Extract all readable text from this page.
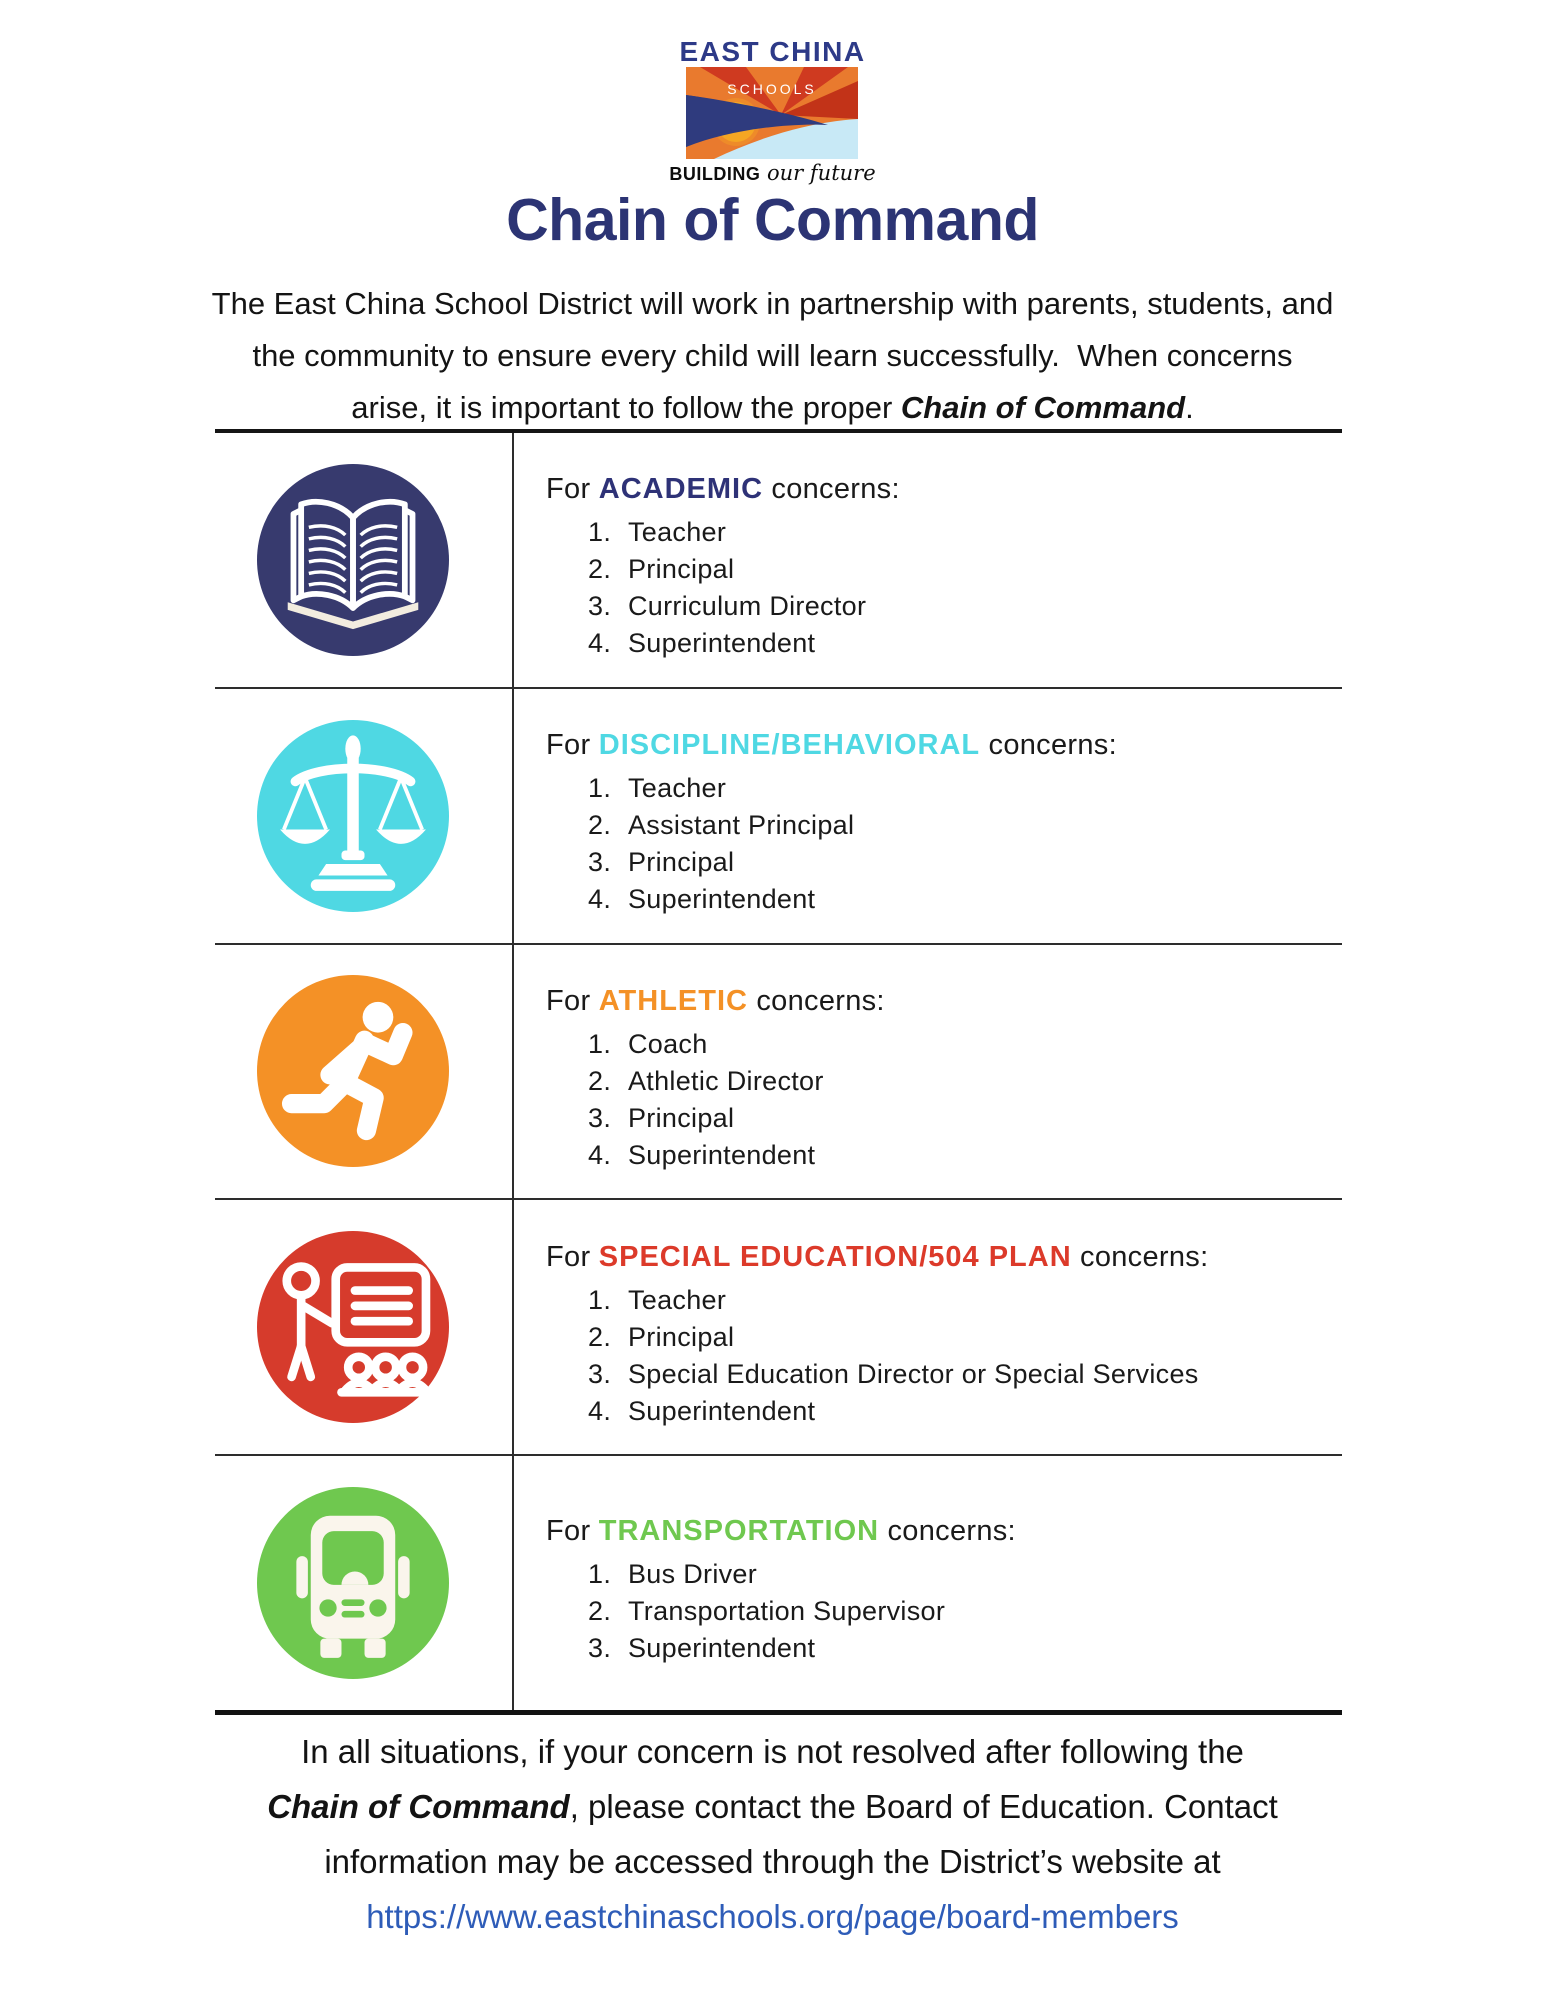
EAST CHINA
SCHOOLS
BUILDING our future
Chain of Command
The East China School District will work in partnership with parents, students, and
the community to ensure every child will learn successfully.  When concerns
arise, it is important to follow the proper Chain of Command.
For ACADEMIC concerns:
Teacher
Principal
Curriculum Director
Superintendent
For DISCIPLINE/BEHAVIORAL concerns:
Teacher
Assistant Principal
Principal
Superintendent
For ATHLETIC concerns:
Coach
Athletic Director
Principal
Superintendent
For SPECIAL EDUCATION/504 PLAN concerns:
Teacher
Principal
Special Education Director or Special Services
Superintendent
For TRANSPORTATION concerns:
Bus Driver
Transportation Supervisor
Superintendent
In all situations, if your concern is not resolved after following the
Chain of Command, please contact the Board of Education. Contact
information may be accessed through the District’s website at
https://www.eastchinaschools.org/page/board-members
